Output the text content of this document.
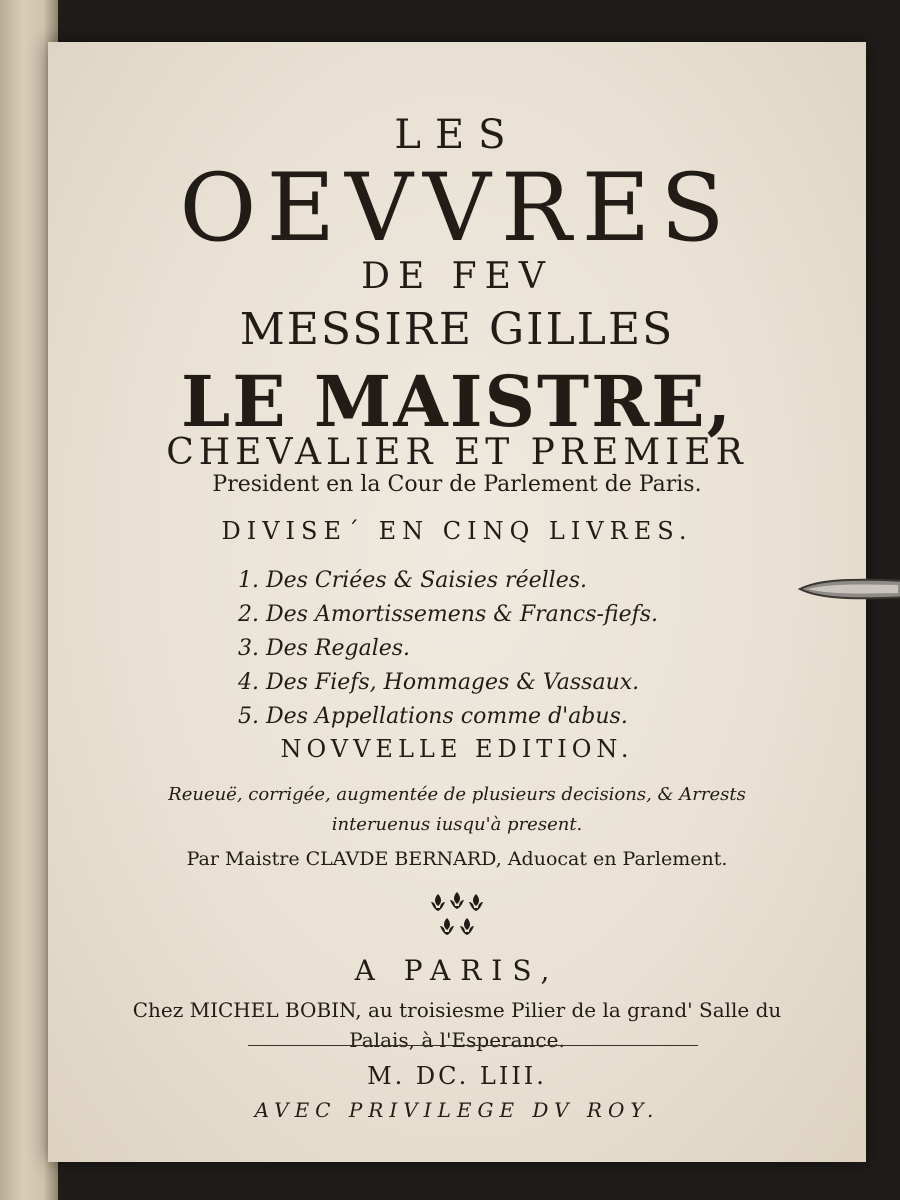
LES
OEVVRES
DE FEV
MESSIRE GILLES
LE MAISTRE,
CHEVALIER ET PREMIER
President en la Cour de Parlement de Paris.
DIVISE´ EN CINQ LIVRES.
1. Des Criées & Saisies réelles.
2. Des Amortissemens & Francs-fiefs.
3. Des Regales.
4. Des Fiefs, Hommages & Vassaux.
5. Des Appellations comme d'abus.
NOVVELLE EDITION.
Reueuë, corrigée, augmentée de plusieurs decisions, & Arrests
interuenus iusqu'à present.
Par Maistre CLAVDE BERNARD, Aduocat en Parlement.
A PARIS,
Chez MICHEL BOBIN, au troisiesme Pilier de la grand' Salle du
Palais, à l'Esperance.
M. DC. LIII.
AVEC PRIVILEGE DV ROY.
